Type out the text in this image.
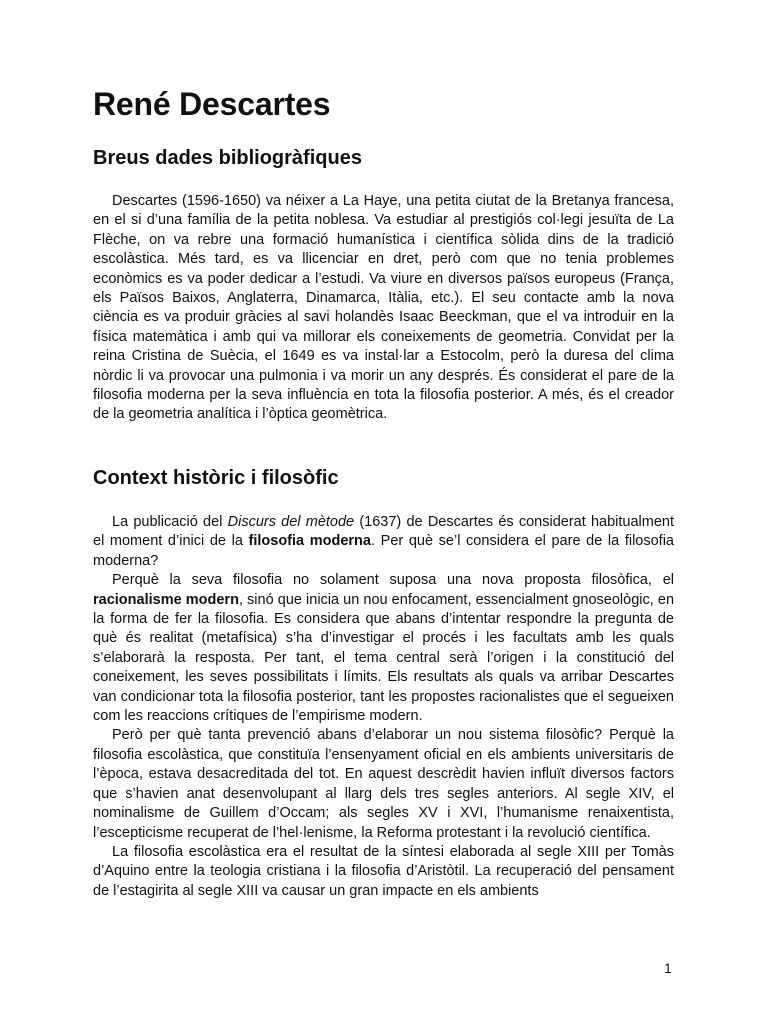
René Descartes
Breus dades bibliogràfiques

Descartes (1596-1650) va néixer a La Haye, una petita ciutat de la Bretanya francesa, en el si d’una família de la petita noblesa. Va estudiar al prestigiós col·legi jesuïta de La Flèche, on va rebre una formació humanística i científica sòlida dins de la tradició escolàstica. Més tard, es va llicenciar en dret, però com que no tenia problemes econòmics es va poder dedicar a l’estudi. Va viure en diversos països europeus (França, els Països Baixos, Anglaterra, Dinamarca, Itàlia, etc.). El seu contacte amb la nova ciència es va produir gràcies al savi holandès Isaac Beeckman, que el va introduir en la física matemàtica i amb qui va millorar els coneixements de geometria. Convidat per la reina Cristina de Suècia, el 1649 es va instal·lar a Estocolm, però la duresa del clima nòrdic li va provocar una pulmonia i va morir un any després. És considerat el pare de la filosofia moderna per la seva influència en tota la filosofia posterior. A més, és el creador de la geometria analítica i l’òptica geomètrica.

Context històric i filosòfic

La publicació del Discurs del mètode (1637) de Descartes és considerat habitualment el moment d’inici de la filosofia moderna. Per què se’l considera el pare de la filosofia moderna?

Perquè la seva filosofia no solament suposa una nova proposta filosòfica, el racionalisme modern, sinó que inicia un nou enfocament, essencialment gnoseològic, en la forma de fer la filosofia. Es considera que abans d’intentar respondre la pregunta de què és realitat (metafísica) s’ha d’investigar el procés i les facultats amb les quals s’elaborarà la resposta. Per tant, el tema central serà l’origen i la constitució del coneixement, les seves possibilitats i límits. Els resultats als quals va arribar Descartes van condicionar tota la filosofia posterior, tant les propostes racionalistes que el segueixen com les reaccions crítiques de l’empirisme modern.

Però per què tanta prevenció abans d’elaborar un nou sistema filosòfic? Perquè la filosofia escolàstica, que constituïa l’ensenyament oficial en els ambients universitaris de l’època, estava desacreditada del tot. En aquest descrèdit havien influït diversos factors que s’havien anat desenvolupant al llarg dels tres segles anteriors. Al segle XIV, el nominalisme de Guillem d’Occam; als segles XV i XVI, l’humanisme renaixentista, l’escepticisme recuperat de l’hel·lenisme, la Reforma protestant i la revolució científica.

La filosofia escolàstica era el resultat de la síntesi elaborada al segle XIII per Tomàs d’Aquino entre la teologia cristiana i la filosofia d’Aristòtil. La recuperació del pensament de l’estagirita al segle XIII va causar un gran impacte en els ambients

1
